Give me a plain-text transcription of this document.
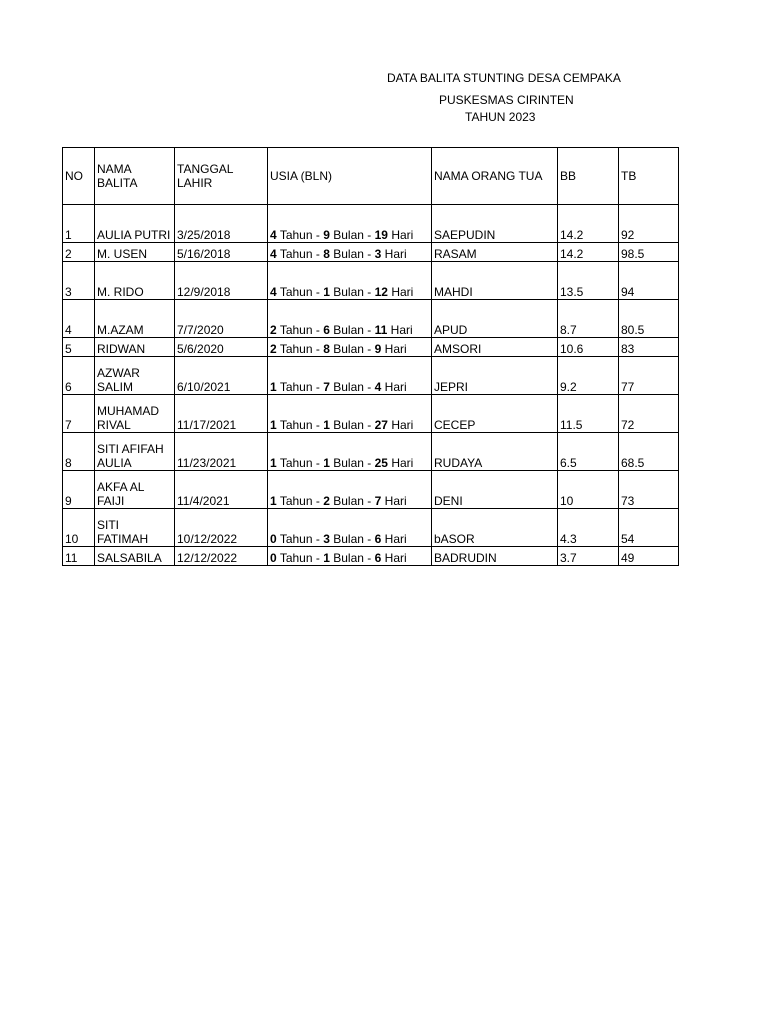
DATA BALITA STUNTING DESA CEMPAKA
PUSKESMAS CIRINTEN
TAHUN 2023
NO	NAMA BALITA	TANGGAL LAHIR	USIA (BLN)	NAMA ORANG TUA	BB	TB
1	AULIA PUTRI	3/25/2018	4 Tahun - 9 Bulan - 19 Hari	SAEPUDIN	14.2	92
2	M. USEN	5/16/2018	4 Tahun - 8 Bulan - 3 Hari	RASAM	14.2	98.5
3	M. RIDO	12/9/2018	4 Tahun - 1 Bulan - 12 Hari	MAHDI	13.5	94
4	M.AZAM	7/7/2020	2 Tahun - 6 Bulan - 11 Hari	APUD	8.7	80.5
5	RIDWAN	5/6/2020	2 Tahun - 8 Bulan - 9 Hari	AMSORI	10.6	83
6	AZWAR SALIM	6/10/2021	1 Tahun - 7 Bulan - 4 Hari	JEPRI	9.2	77
7	MUHAMAD RIVAL	11/17/2021	1 Tahun - 1 Bulan - 27 Hari	CECEP	11.5	72
8	SITI AFIFAH AULIA	11/23/2021	1 Tahun - 1 Bulan - 25 Hari	RUDAYA	6.5	68.5
9	AKFA AL FAIJI	11/4/2021	1 Tahun - 2 Bulan - 7 Hari	DENI	10	73
10	SITI FATIMAH	10/12/2022	0 Tahun - 3 Bulan - 6 Hari	bASOR	4.3	54
11	SALSABILA	12/12/2022	0 Tahun - 1 Bulan - 6 Hari	BADRUDIN	3.7	49
